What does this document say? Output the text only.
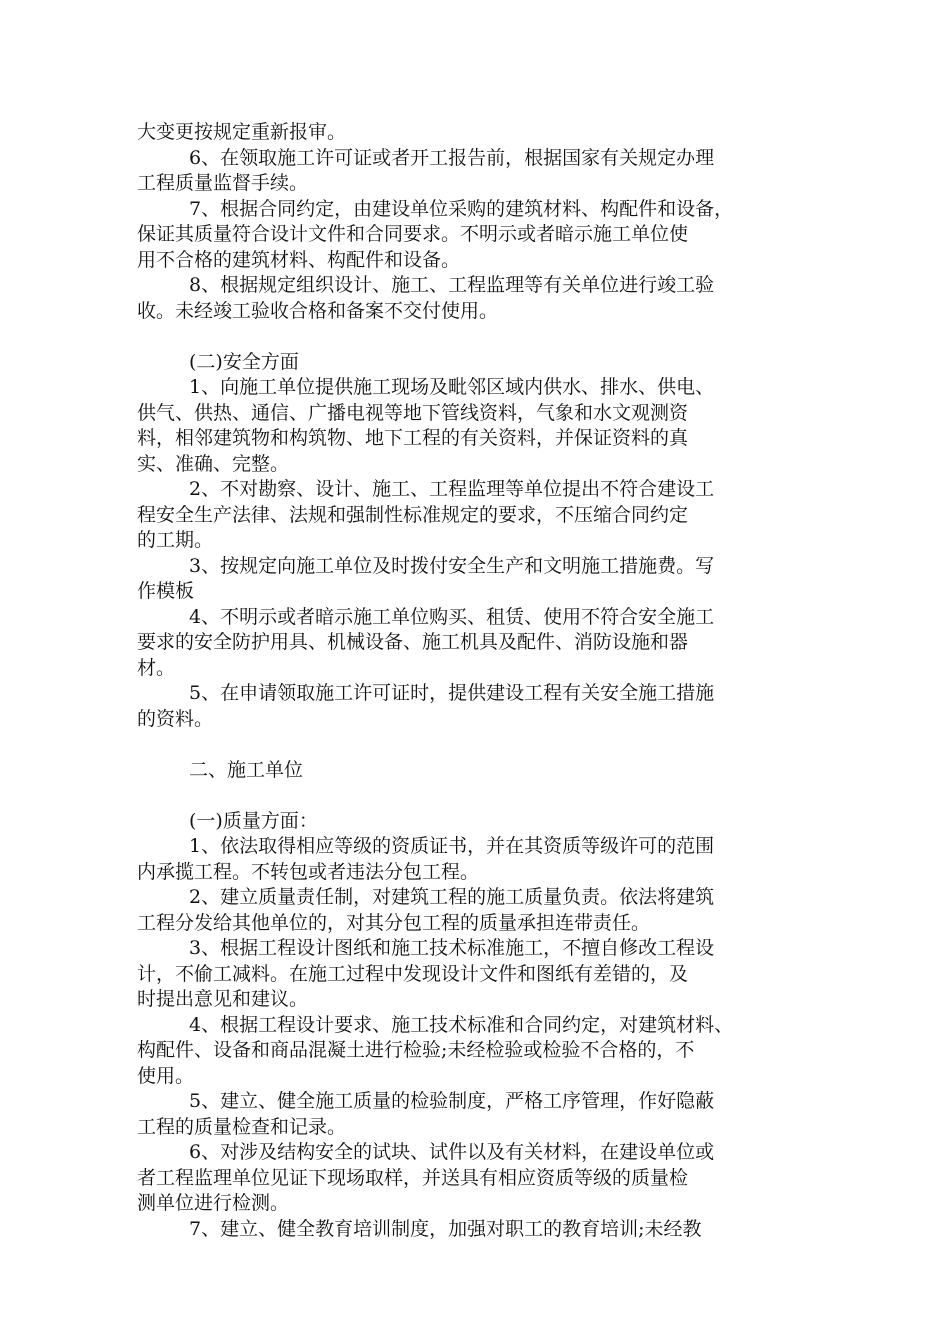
大变更按规定重新报审。
6、在领取施工许可证或者开工报告前，根据国家有关规定办理
工程质量监督手续。
7、根据合同约定，由建设单位采购的建筑材料、构配件和设备，
保证其质量符合设计文件和合同要求。不明示或者暗示施工单位使
用不合格的建筑材料、构配件和设备。
8、根据规定组织设计、施工、工程监理等有关单位进行竣工验
收。未经竣工验收合格和备案不交付使用。
(二)安全方面
1、向施工单位提供施工现场及毗邻区域内供水、排水、供电、
供气、供热、通信、广播电视等地下管线资料，气象和水文观测资
料，相邻建筑物和构筑物、地下工程的有关资料，并保证资料的真
实、准确、完整。
2、不对勘察、设计、施工、工程监理等单位提出不符合建设工
程安全生产法律、法规和强制性标准规定的要求，不压缩合同约定
的工期。
3、按规定向施工单位及时拨付安全生产和文明施工措施费。写
作模板
4、不明示或者暗示施工单位购买、租赁、使用不符合安全施工
要求的安全防护用具、机械设备、施工机具及配件、消防设施和器
材。
5、在申请领取施工许可证时，提供建设工程有关安全施工措施
的资料。
二、施工单位
(一)质量方面：
1、依法取得相应等级的资质证书，并在其资质等级许可的范围
内承揽工程。不转包或者违法分包工程。
2、建立质量责任制，对建筑工程的施工质量负责。依法将建筑
工程分发给其他单位的，对其分包工程的质量承担连带责任。
3、根据工程设计图纸和施工技术标准施工，不擅自修改工程设
计，不偷工减料。在施工过程中发现设计文件和图纸有差错的，及
时提出意见和建议。
4、根据工程设计要求、施工技术标准和合同约定，对建筑材料、
构配件、设备和商品混凝土进行检验;未经检验或检验不合格的，不
使用。
5、建立、健全施工质量的检验制度，严格工序管理，作好隐蔽
工程的质量检查和记录。
6、对涉及结构安全的试块、试件以及有关材料，在建设单位或
者工程监理单位见证下现场取样，并送具有相应资质等级的质量检
测单位进行检测。
7、建立、健全教育培训制度，加强对职工的教育培训;未经教
